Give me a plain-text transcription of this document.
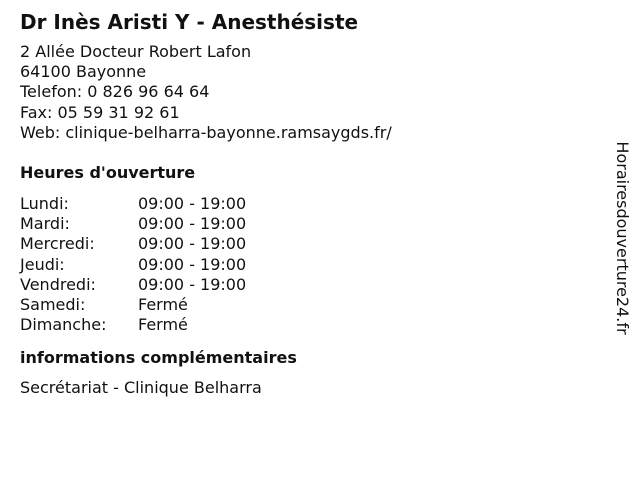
Dr Inès Aristi Y - Anesthésiste
2 Allée Docteur Robert Lafon
64100 Bayonne
Telefon: 0 826 96 64 64
Fax: 05 59 31 92 61
Web: clinique-belharra-bayonne.ramsaygds.fr/
Heures d'ouverture
Lundi:	09:00 - 19:00
Mardi:	09:00 - 19:00
Mercredi:	09:00 - 19:00
Jeudi:	09:00 - 19:00
Vendredi:	09:00 - 19:00
Samedi:	Fermé
Dimanche:	Fermé
informations complémentaires
Secrétariat - Clinique Belharra
Horairesdouverture24.fr
